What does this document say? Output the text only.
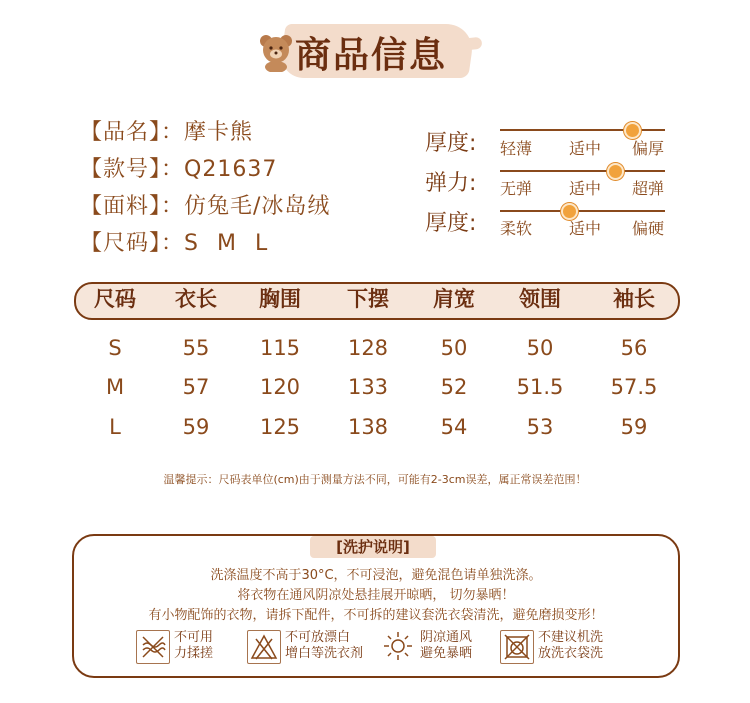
商品信息
【品名】：摩卡熊
【款号】：Q21637
【面料】：仿兔毛/冰岛绒
【尺码】：S M L
厚度: 轻薄 适中 偏厚
弹力: 无弹 适中 超弹
厚度: 柔软 适中 偏硬
尺码	衣长	胸围	下摆	肩宽	领围	袖长
S	55	115	128	50	50	56
M	57	120	133	52	51.5	57.5
L	59	125	138	54	53	59
温馨提示：尺码表单位(cm)由于测量方法不同，可能有2-3cm误差，属正常误差范围！
[洗护说明]
洗涤温度不高于30°C，不可浸泡，避免混色请单独洗涤。
将衣物在通风阴凉处悬挂展开晾晒， 切勿暴晒！
有小物配饰的衣物，请拆下配件，不可拆的建议套洗衣袋清洗，避免磨损变形！
不可用
力揉搓
不可放漂白
增白等洗衣剂
阴凉通风
避免暴晒
不建议机洗
放洗衣袋洗
